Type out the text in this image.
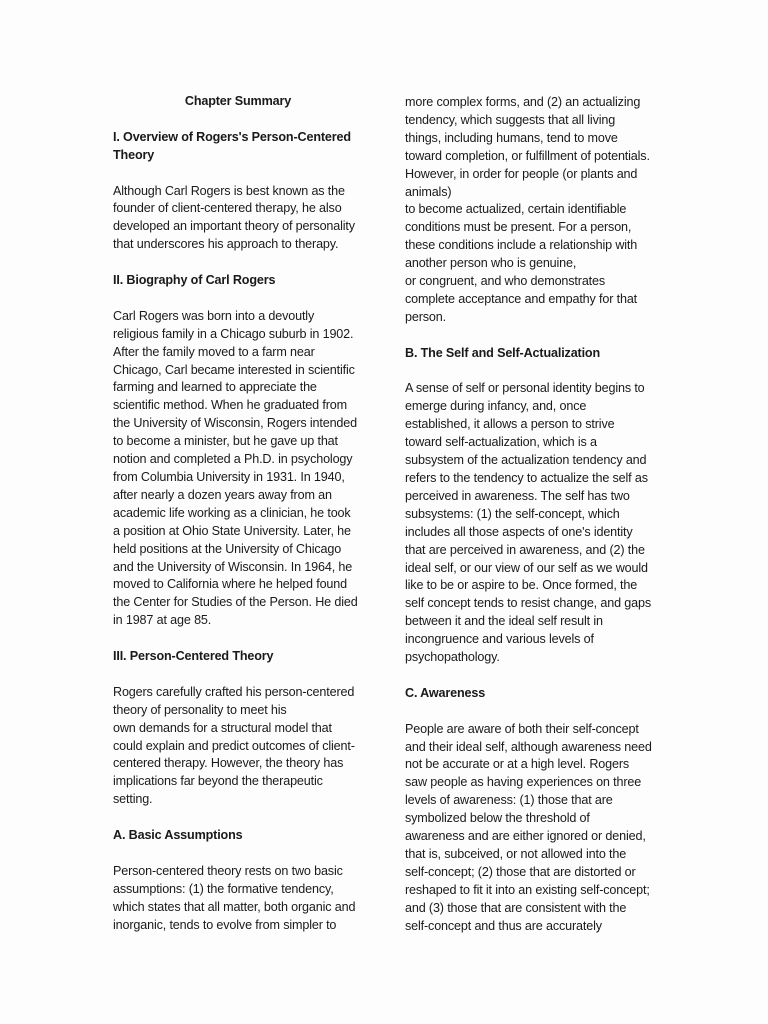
Chapter Summary
I. Overview of Rogers's Person-Centered
Theory
Although Carl Rogers is best known as the
founder of client-centered therapy, he also
developed an important theory of personality
that underscores his approach to therapy.
II. Biography of Carl Rogers
Carl Rogers was born into a devoutly
religious family in a Chicago suburb in 1902.
After the family moved to a farm near
Chicago, Carl became interested in scientific
farming and learned to appreciate the
scientific method. When he graduated from
the University of Wisconsin, Rogers intended
to become a minister, but he gave up that
notion and completed a Ph.D. in psychology
from Columbia University in 1931. In 1940,
after nearly a dozen years away from an
academic life working as a clinician, he took
a position at Ohio State University. Later, he
held positions at the University of Chicago
and the University of Wisconsin. In 1964, he
moved to California where he helped found
the Center for Studies of the Person. He died
in 1987 at age 85.
III. Person-Centered Theory
Rogers carefully crafted his person-centered
theory of personality to meet his
own demands for a structural model that
could explain and predict outcomes of client-
centered therapy. However, the theory has
implications far beyond the therapeutic
setting.
A. Basic Assumptions
Person-centered theory rests on two basic
assumptions: (1) the formative tendency,
which states that all matter, both organic and
inorganic, tends to evolve from simpler to
more complex forms, and (2) an actualizing
tendency, which suggests that all living
things, including humans, tend to move
toward completion, or fulfillment of potentials.
However, in order for people (or plants and
animals)
to become actualized, certain identifiable
conditions must be present. For a person,
these conditions include a relationship with
another person who is genuine,
or congruent, and who demonstrates
complete acceptance and empathy for that
person.
B. The Self and Self-Actualization
A sense of self or personal identity begins to
emerge during infancy, and, once
established, it allows a person to strive
toward self-actualization, which is a
subsystem of the actualization tendency and
refers to the tendency to actualize the self as
perceived in awareness. The self has two
subsystems: (1) the self-concept, which
includes all those aspects of one's identity
that are perceived in awareness, and (2) the
ideal self, or our view of our self as we would
like to be or aspire to be. Once formed, the
self concept tends to resist change, and gaps
between it and the ideal self result in
incongruence and various levels of
psychopathology.
C. Awareness
People are aware of both their self-concept
and their ideal self, although awareness need
not be accurate or at a high level. Rogers
saw people as having experiences on three
levels of awareness: (1) those that are
symbolized below the threshold of
awareness and are either ignored or denied,
that is, subceived, or not allowed into the
self-concept; (2) those that are distorted or
reshaped to fit it into an existing self-concept;
and (3) those that are consistent with the
self-concept and thus are accurately
